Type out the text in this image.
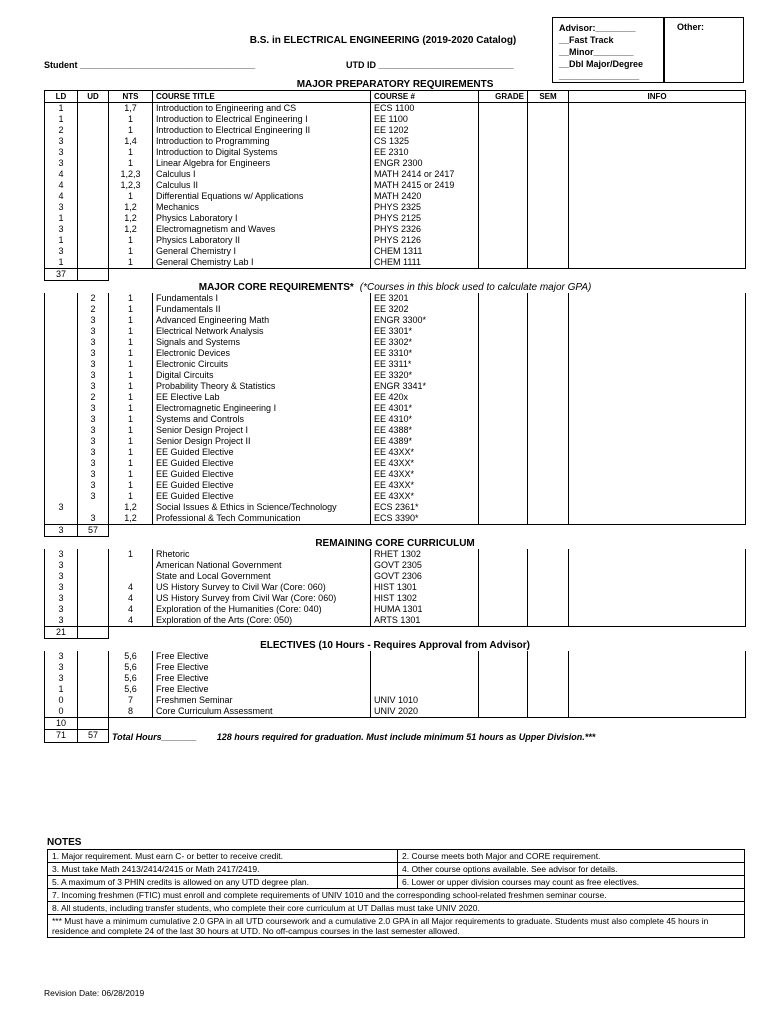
B.S. in ELECTRICAL ENGINEERING (2019-2020 Catalog)
Student ___________________________________	UTD ID ___________________________
Advisor:________
__Fast Track
__Minor________
__Dbl Major/Degree
________________
Other:
MAJOR PREPARATORY REQUIREMENTS							
LD	UD	NTS	COURSE TITLE	COURSE #	GRADE	SEM	INFO
1		1,7	Introduction to Engineering and CS	ECS 1100			
1		1	Introduction to Electrical Engineering I	EE 1100			
2		1	Introduction to Electrical Engineering II	EE 1202			
3		1,4	Introduction to Programming	CS 1325			
3		1	Introduction to Digital Systems	EE 2310			
3		1	Linear Algebra for Engineers	ENGR 2300			
4		1,2,3	Calculus I	MATH 2414 or 2417			
4		1,2,3	Calculus II	MATH 2415 or 2419			
4		1	Differential Equations w/ Applications	MATH 2420			
3		1,2	Mechanics	PHYS 2325			
1		1,2	Physics Laboratory I	PHYS 2125			
3		1,2	Electromagnetism and Waves	PHYS 2326			
1		1	Physics Laboratory II	PHYS 2126			
3		1	General Chemistry I	CHEM 1311			
1		1	General Chemistry Lab I	CHEM 1111			
37							
MAJOR CORE REQUIREMENTS* (*Courses in this block used to calculate major GPA)							
	2	1	Fundamentals I	EE 3201			
	2	1	Fundamentals II	EE 3202			
	3	1	Advanced Engineering Math	ENGR 3300*			
	3	1	Electrical Network Analysis	EE 3301*			
	3	1	Signals and Systems	EE 3302*			
	3	1	Electronic Devices	EE 3310*			
	3	1	Electronic Circuits	EE 3311*			
	3	1	Digital Circuits	EE 3320*			
	3	1	Probability Theory & Statistics	ENGR 3341*			
	2	1	EE Elective Lab	EE 420x			
	3	1	Electromagnetic Engineering I	EE 4301*			
	3	1	Systems and Controls	EE 4310*			
	3	1	Senior Design Project I	EE 4388*			
	3	1	Senior Design Project II	EE 4389*			
	3	1	EE Guided Elective	EE 43XX*			
	3	1	EE Guided Elective	EE 43XX*			
	3	1	EE Guided Elective	EE 43XX*			
	3	1	EE Guided Elective	EE 43XX*			
	3	1	EE Guided Elective	EE 43XX*			
3		1,2	Social Issues & Ethics in Science/Technology	ECS 2361*			
	3	1,2	Professional & Tech Communication	ECS 3390*			
3	57						
REMAINING CORE CURRICULUM							
3		1	Rhetoric	RHET 1302			
3			American National Government	GOVT 2305			
3			State and Local Government	GOVT 2306			
3		4	US History Survey to Civil War (Core: 060)	HIST 1301			
3		4	US History Survey from Civil War (Core: 060)	HIST 1302			
3		4	Exploration of the Humanities (Core: 040)	HUMA 1301			
3		4	Exploration of the Arts (Core: 050)	ARTS 1301			
21							
ELECTIVES (10 Hours - Requires Approval from Advisor)							
3		5,6	Free Elective				
3		5,6	Free Elective				
3		5,6	Free Elective				
1		5,6	Free Elective				
0		7	Freshmen Seminar	UNIV 1010			
0		8	Core Curriculum Assessment	UNIV 2020			
10							
71	57	Total Hours_______ 128 hours required for graduation. Must include minimum 51 hours as Upper Division.***					
NOTES
1. Major requirement. Must earn C- or better to receive credit.	2. Course meets both Major and CORE requirement.
3. Must take Math 2413/2414/2415 or Math 2417/2419.	4. Other course options available. See advisor for details.
5. A maximum of 3 PHIN credits is allowed on any UTD degree plan.	6. Lower or upper division courses may count as free electives.
7. Incoming freshmen (FTIC) must enroll and complete requirements of UNIV 1010 and the corresponding school-related freshmen seminar course.	
8. All students, including transfer students, who complete their core curriculum at UT Dallas must take UNIV 2020.	
*** Must have a minimum cumulative 2.0 GPA in all UTD coursework and a cumulative 2.0 GPA in all Major requirements to graduate. Students must also complete 45 hours in residence and complete 24 of the last 30 hours at UTD. No off-campus courses in the last semester allowed.	
Revision Date: 06/28/2019
